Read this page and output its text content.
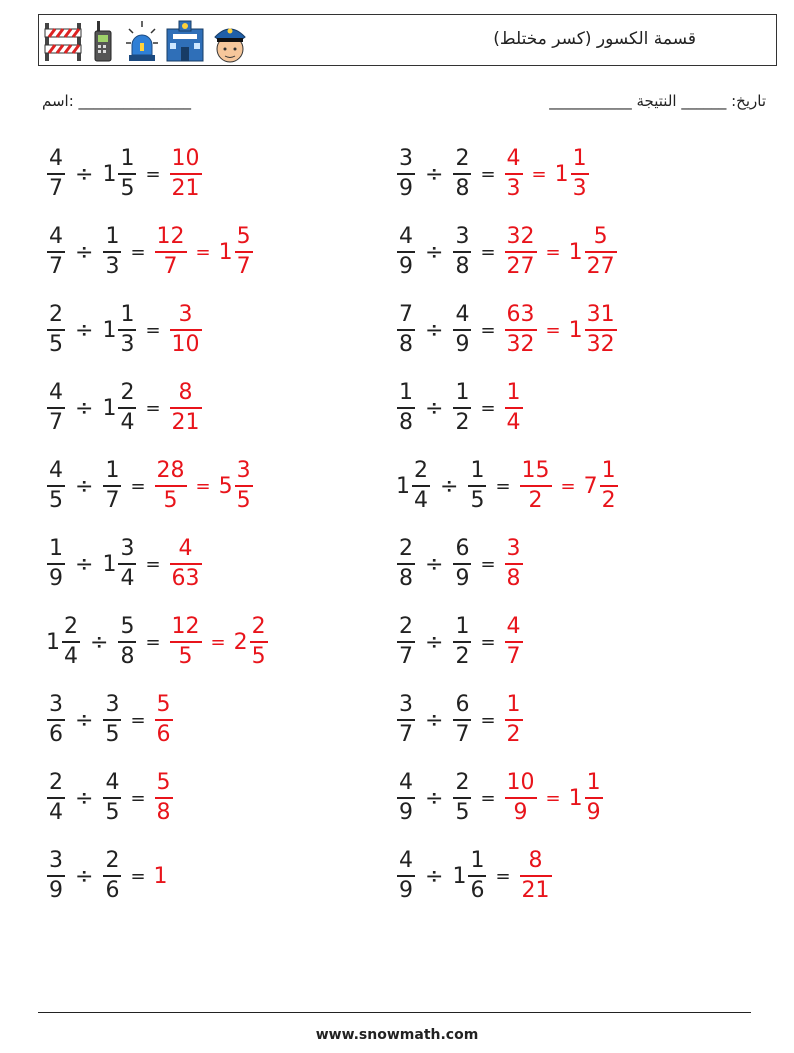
قسمة الكسور (كسر مختلط)
اسم: _______________	تاريخ: ______ النتيجة ___________
$\frac{4}{7} \div 1 \frac{1}{5} = \frac{10}{21}$
$\frac{4}{7} \div \frac{1}{3} = \frac{12}{7} = 1 \frac{5}{7}$
$\frac{2}{5} \div 1 \frac{1}{3} = \frac{3}{10}$
$\frac{4}{7} \div 1 \frac{2}{4} = \frac{8}{21}$
$\frac{4}{5} \div \frac{1}{7} = \frac{28}{5} = 5 \frac{3}{5}$
$\frac{1}{9} \div 1 \frac{3}{4} = \frac{4}{63}$
$1 \frac{2}{4} \div \frac{5}{8} = \frac{12}{5} = 2 \frac{2}{5}$
$\frac{3}{6} \div \frac{3}{5} = \frac{5}{6}$
$\frac{2}{4} \div \frac{4}{5} = \frac{5}{8}$
$\frac{3}{9} \div \frac{2}{6} = 1$
$\frac{3}{9} \div \frac{2}{8} = \frac{4}{3} = 1 \frac{1}{3}$
$\frac{4}{9} \div \frac{3}{8} = \frac{32}{27} = 1 \frac{5}{27}$
$\frac{7}{8} \div \frac{4}{9} = \frac{63}{32} = 1 \frac{31}{32}$
$\frac{1}{8} \div \frac{1}{2} = \frac{1}{4}$
$1 \frac{2}{4} \div \frac{1}{5} = \frac{15}{2} = 7 \frac{1}{2}$
$\frac{2}{8} \div \frac{6}{9} = \frac{3}{8}$
$\frac{2}{7} \div \frac{1}{2} = \frac{4}{7}$
$\frac{3}{7} \div \frac{6}{7} = \frac{1}{2}$
$\frac{4}{9} \div \frac{2}{5} = \frac{10}{9} = 1 \frac{1}{9}$
$\frac{4}{9} \div 1 \frac{1}{6} = \frac{8}{21}$
www.snowmath.com
